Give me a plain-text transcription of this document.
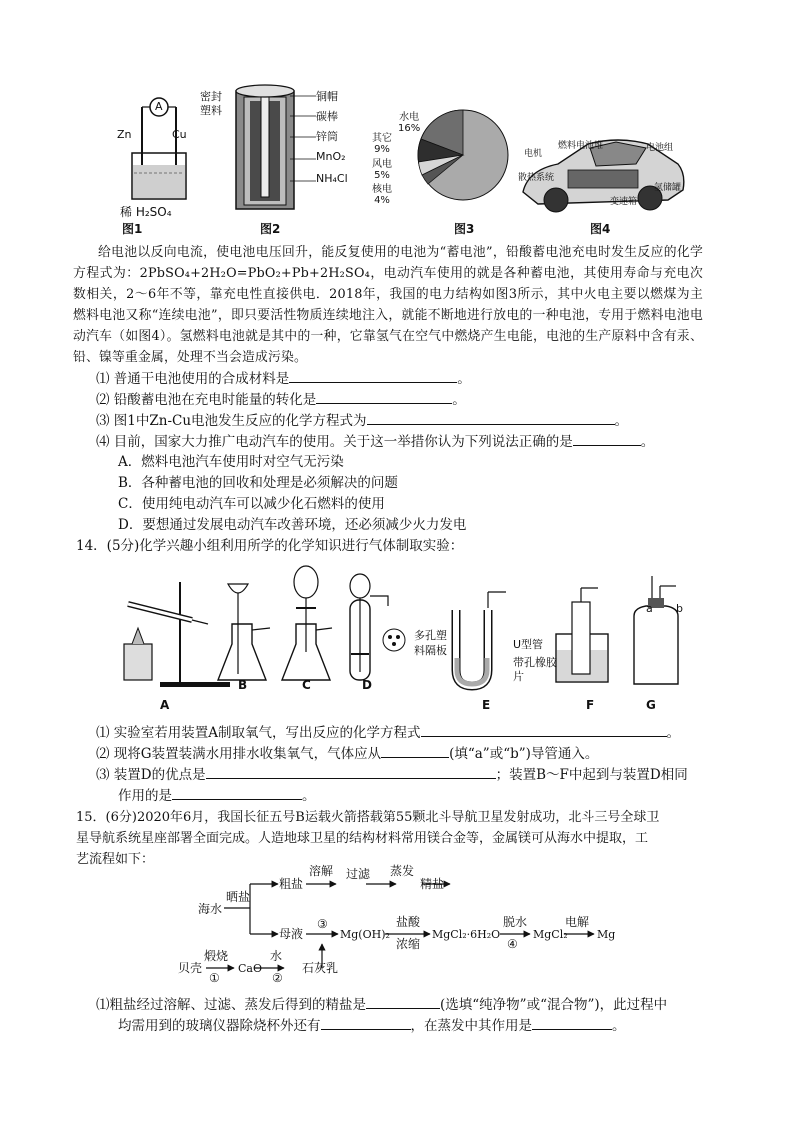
A
Zn	Cu
稀 H₂SO₄
图1
密封塑料
铜帽
碳棒
锌筒
MnO₂
NH₄Cl
图2
水电
16%
其它
9%
风电
5%
核电
4%
图3
电池组
燃料电池堆
电机
散热系统
氢储罐
变速箱
图4
给电池以反向电流，使电池电压回升，能反复使用的电池为“蓄电池”，铅酸蓄电池充电时发生反应的化学方程式为：2PbSO₄+2H₂O=PbO₂+Pb+2H₂SO₄，电动汽车使用的就是各种蓄电池，其使用寿命与充电次数相关，2～6年不等，靠充电性直接供电．2018年，我国的电力结构如图3所示，其中火电主要以燃煤为主燃料电池又称“连续电池”，即只要活性物质连续地注入，就能不断地进行放电的一种电池，专用于燃料电池电动汽车（如图4）。氢燃料电池就是其中的一种，它靠氢气在空气中燃烧产生电能，电池的生产原料中含有汞、铅、镍等重金属，处理不当会造成污染。
⑴ 普通干电池使用的合成材料是	。
⑵ 铅酸蓄电池在充电时能量的转化是	。
⑶ 图1中Zn-Cu电池发生反应的化学方程式为	。
⑷ 目前，国家大力推广电动汽车的使用。关于这一举措你认为下列说法正确的是	。
A．燃料电池汽车使用时对空气无污染
B．各种蓄电池的回收和处理是必须解决的问题
C．使用纯电动汽车可以减少化石燃料的使用
D．要想通过发展电动汽车改善环境，还必须减少火力发电
14．(5分)化学兴趣小组利用所学的化学知识进行气体制取实验：
多孔塑料隔板	U型管
带孔橡胶片
a b
A
B	C	D
E	F	G
⑴ 实验室若用装置A制取氧气，写出反应的化学方程式	。
⑵ 现将G装置装满水用排水收集氧气，气体应从	(填“a”或“b”)导管通入。
⑶ 装置D的优点是	；装置B～F中起到与装置D相同
作用的是	。
15．(6分)2020年6月，我国长征五号B运载火箭搭载第55颗北斗导航卫星发射成功，北斗三号全球卫
星导航系统星座部署全面完成。人造地球卫星的结构材料常用镁合金等，金属镁可从海水中提取，工
艺流程如下：
海水
晒盐
粗盐
溶解 过滤 蒸发
精盐
母液
③
Mg(OH)₂
盐酸
浓缩
MgCl₂·6H₂O
脱水
④
MgCl₂
电解
Mg
贝壳
煅烧
①
CaO
水
②
石灰乳
⑴粗盐经过溶解、过滤、蒸发后得到的精盐是	(选填“纯净物”或“混合物”)，此过程中
均需用到的玻璃仪器除烧杯外还有	，在蒸发中其作用是	。
